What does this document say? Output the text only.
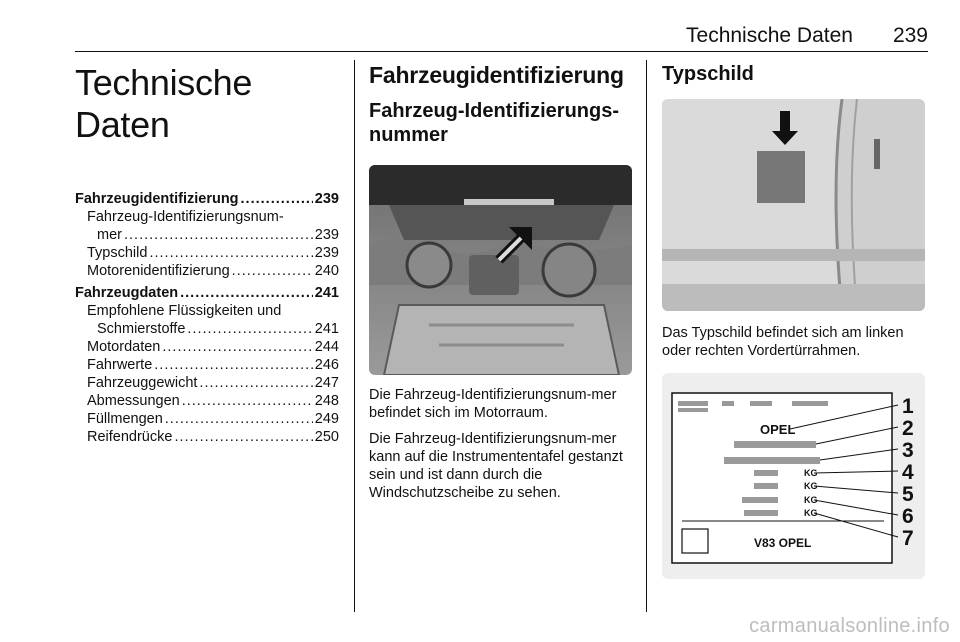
Technische Daten 239
Technische Daten
Fahrzeugidentifizierung .....	239
Fahrzeug-Identifizierungsnum-
mer .....	239
Typschild .....	239
Motorenidentifizierung .....	240
Fahrzeugdaten .....	241
Empfohlene Flüssigkeiten und
Schmierstoffe .....	241
Motordaten .....	244
Fahrwerte .....	246
Fahrzeuggewicht .....	247
Abmessungen .....	248
Füllmengen .....	249
Reifendrücke .....	250
Fahrzeugidentifizierung
Fahrzeug-Identifizierungs-
nummer

Die Fahrzeug-Identifizierungsnum-mer befindet sich im Motorraum.

Die Fahrzeug-Identifizierungsnum-mer kann auf die Instrumententafel gestanzt sein und ist dann durch die Windschutzscheibe zu sehen.

Typschild

Das Typschild befindet sich am linken oder rechten Vordertürrahmen.

OPEL
KG
KG
KG
KG
V83 OPEL
1
2
3
4
5
6
7
carmanualsonline.info
